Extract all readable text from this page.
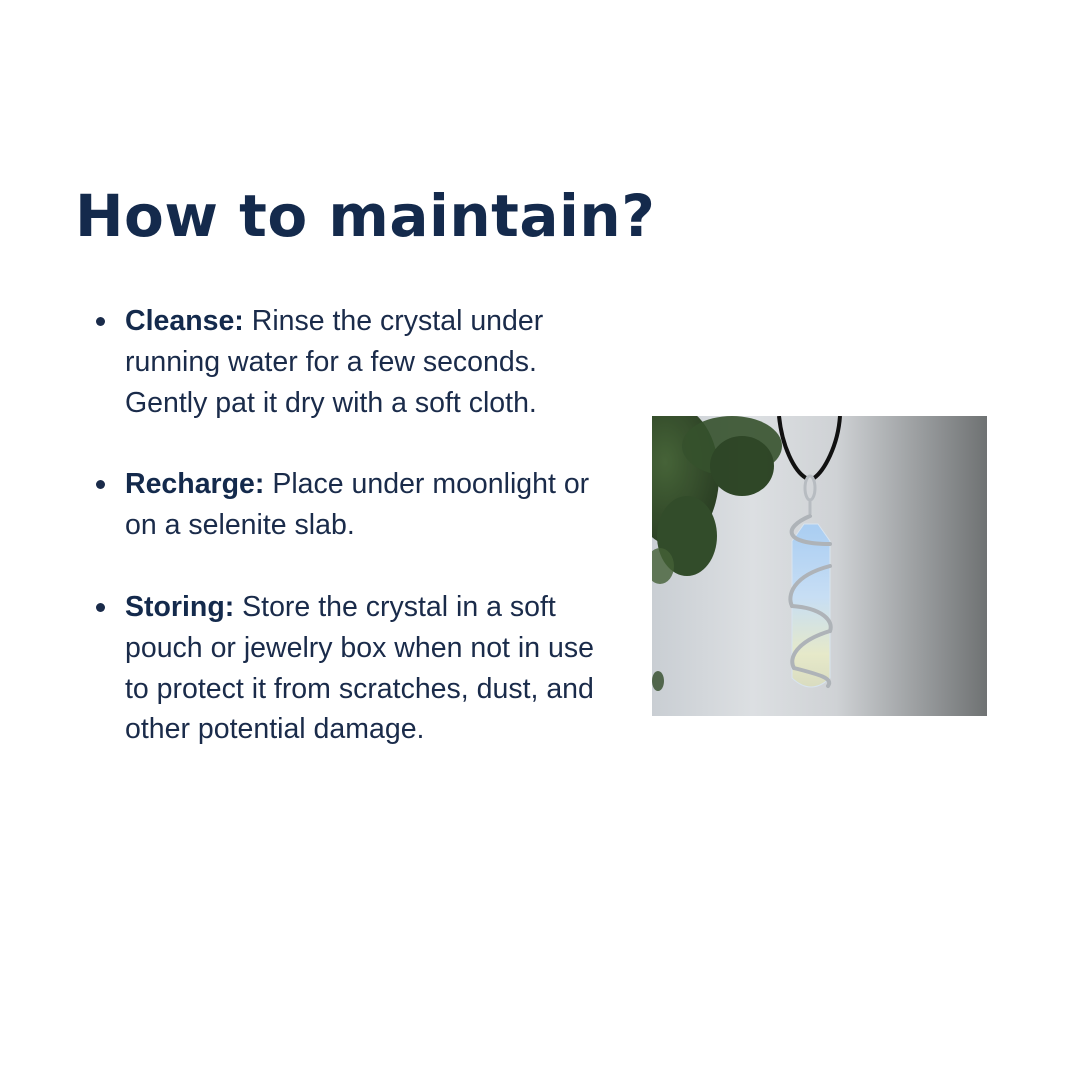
How to maintain?
Cleanse: Rinse the crystal under running water for a few seconds. Gently pat it dry with a soft cloth.
Recharge: Place under moonlight or on a selenite slab.
Storing: Store the crystal in a soft pouch or jewelry box when not in use to protect it from scratches, dust, and other potential damage.
